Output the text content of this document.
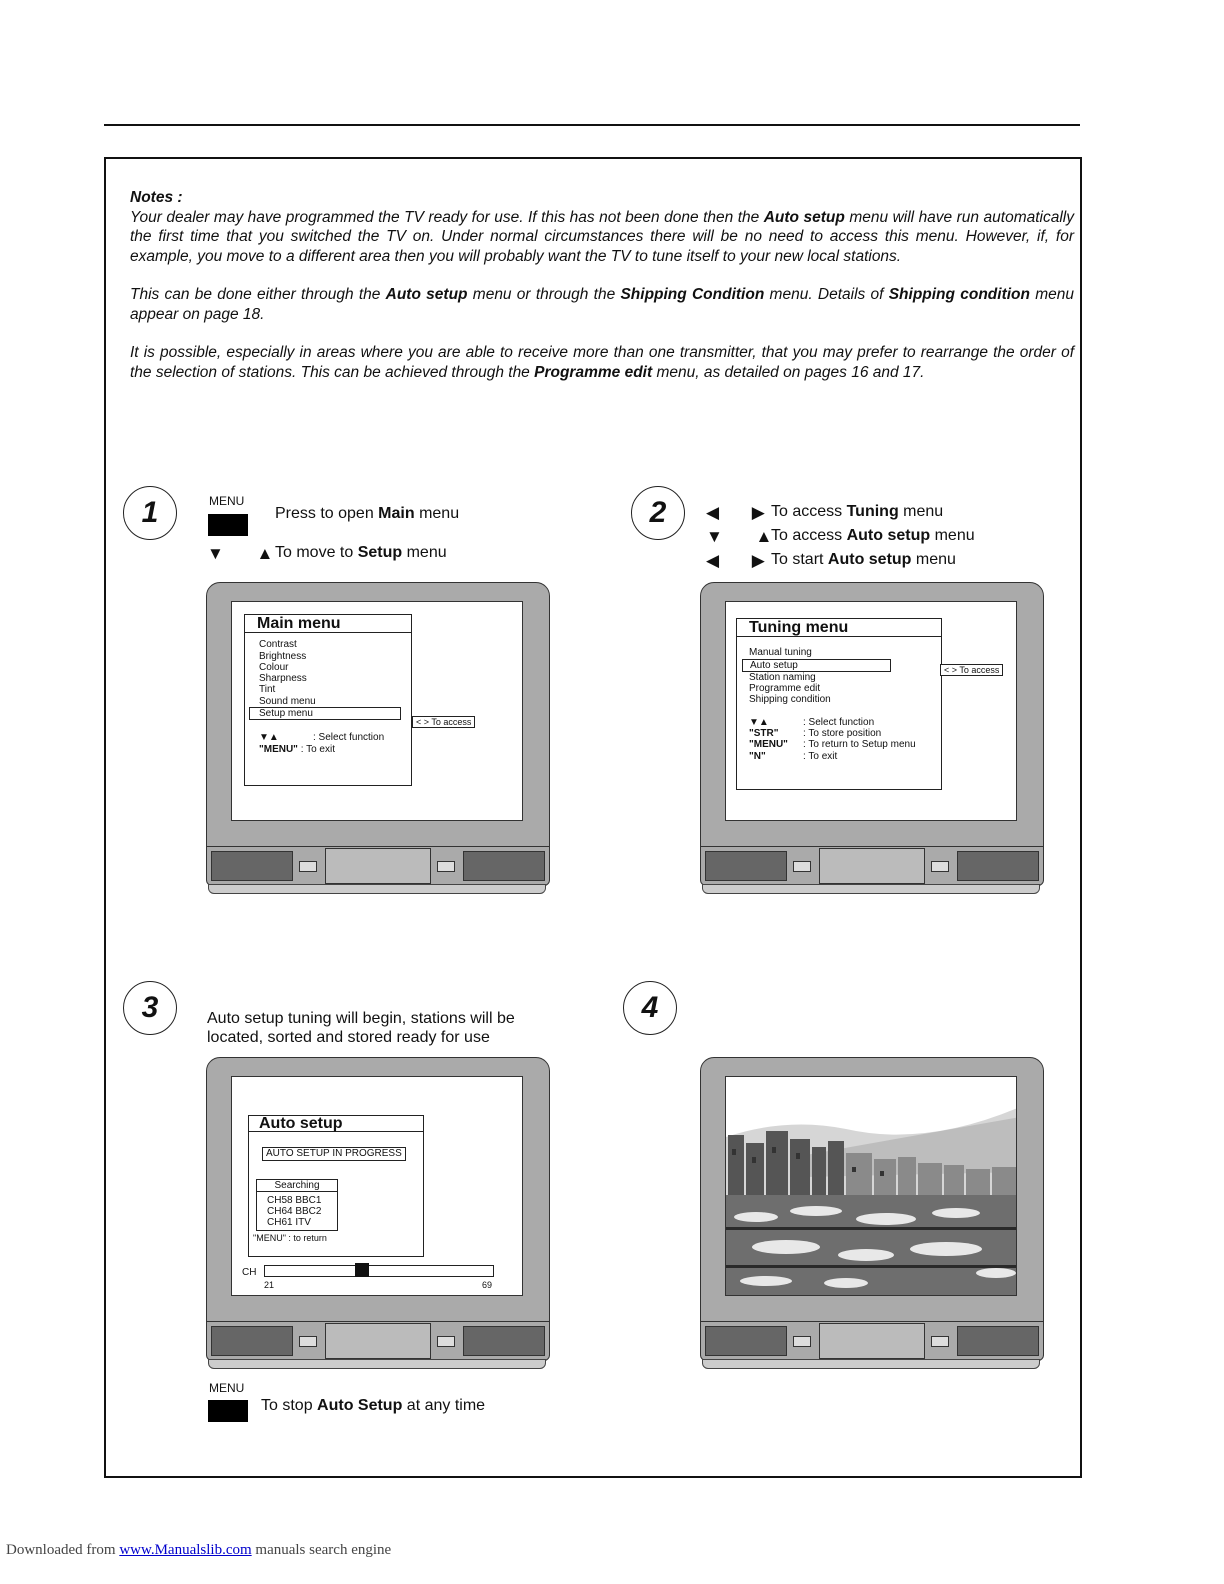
Notes :

Your dealer may have programmed the TV ready for use. If this has not been done then the Auto setup menu will have run automatically the first time that you switched the TV on. Under normal circumstances there will be no need to access this menu. However, if, for example, you move to a different area then you will probably want the TV to tune itself to your new local stations.

This can be done either through the Auto setup menu or through the Shipping Condition menu. Details of Shipping condition menu appear on page 18.

It is possible, especially in areas where you are able to receive more than one transmitter, that you may prefer to rearrange the order of the selection of stations. This can be achieved through the Programme edit menu, as detailed on pages 16 and 17.

1	MENU
Press to open Main menu
▼ ▲
To move to Setup menu
Main menu
Contrast
Brightness
Colour
Sharpness
Tint
Sound menu
Setup menu
▼▲	: Select function
"MENU" : To exit
< > To access
2	◀ ▶
To access Tuning menu
▼ ▲
To access Auto setup menu
◀ ▶
To start Auto setup menu
Tuning menu
Manual tuning
Auto setup
Station naming
Programme edit
Shipping condition
▼▲	: Select function
"STR" : To store position
"MENU" : To return to Setup menu
"N"	: To exit
< > To access
3	Auto setup tuning will begin, stations will be
located, sorted and stored ready for use
Auto setup
AUTO SETUP IN PROGRESS
Searching
CH58 BBC1
CH64 BBC2
CH61 ITV
"MENU" : to return
CH
21	69
MENU
To stop Auto Setup at any time
4
Downloaded from www.Manualslib.com manuals search engine
